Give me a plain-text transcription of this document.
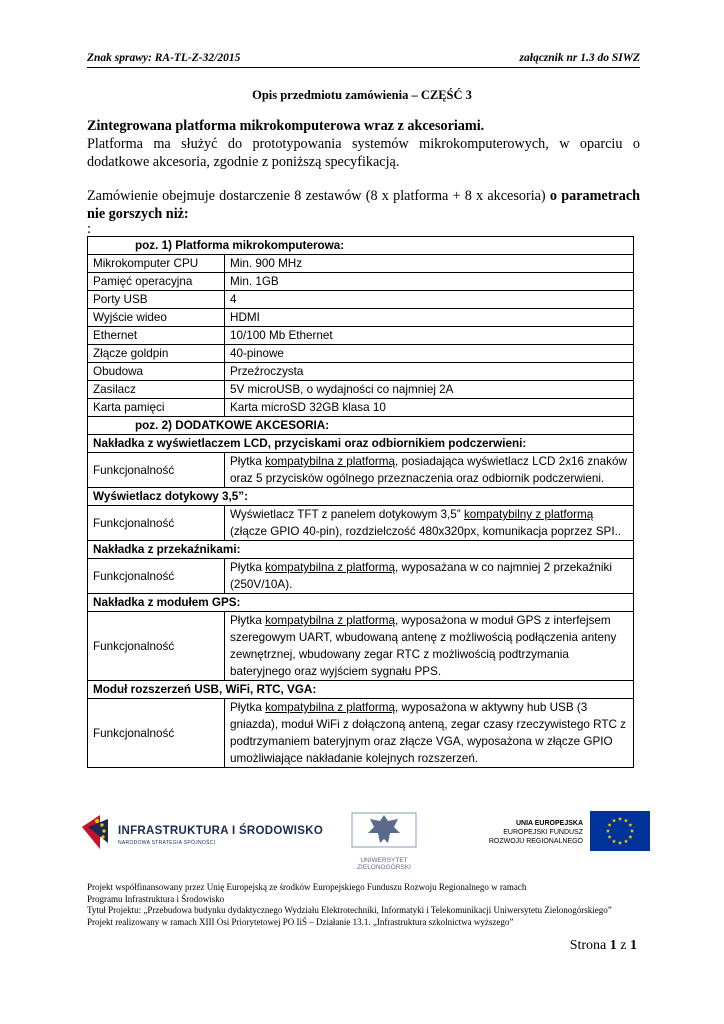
Znak sprawy: RA-TL-Z-32/2015	załącznik nr 1.3 do SIWZ
Opis przedmiotu zamówienia – CZĘŚĆ 3

Zintegrowana platforma mikrokomputerowa wraz z akcesoriami.

Platforma ma służyć do prototypowania systemów mikrokomputerowych, w oparciu o dodatkowe akcesoria, zgodnie z poniższą specyfikacją.

Zamówienie obejmuje dostarczenie 8 zestawów (8 x platforma + 8 x akcesoria) o parametrach nie gorszych niż:

:

poz. 1) Platforma mikrokomputerowa:	
Mikrokomputer CPU	Min. 900 MHz
Pamięć operacyjna	Min. 1GB
Porty USB	4
Wyjście wideo	HDMI
Ethernet	10/100 Mb Ethernet
Złącze goldpin	40-pinowe
Obudowa	Przeźroczysta
Zasilacz	5V microUSB, o wydajności co najmniej 2A
Karta pamięci	Karta microSD 32GB klasa 10
poz. 2) DODATKOWE AKCESORIA:	
Nakładka z wyświetlaczem LCD, przyciskami oraz odbiornikiem podczerwieni:	
Funkcjonalność	Płytka kompatybilna z platformą, posiadająca wyświetlacz LCD 2x16 znaków oraz 5 przycisków ogólnego przeznaczenia oraz odbiornik podczerwieni.
Wyświetlacz dotykowy 3,5”:	
Funkcjonalność	Wyświetlacz TFT z panelem dotykowym 3,5” kompatybilny z platformą (złącze GPIO 40-pin), rozdzielczość 480x320px, komunikacja poprzez SPI..
Nakładka z przekaźnikami:	
Funkcjonalność	Płytka kompatybilna z platformą, wyposażana w co najmniej 2 przekaźniki (250V/10A).
Nakładka z modułem GPS:	
Funkcjonalność	Płytka kompatybilna z platformą, wyposażona w moduł GPS z interfejsem szeregowym UART, wbudowaną antenę z możliwością podłączenia anteny zewnętrznej, wbudowany zegar RTC z możliwością podtrzymania bateryjnego oraz wyjściem sygnału PPS.
Moduł rozszerzeń USB, WiFi, RTC, VGA:	
Funkcjonalność	Płytka kompatybilna z platformą, wyposażona w aktywny hub USB (3 gniazda), moduł WiFi z dołączoną anteną, zegar czasy rzeczywistego RTC z podtrzymaniem bateryjnym oraz złącze VGA, wyposażona w złącze GPIO umożliwiające nakładanie kolejnych rozszerzeń.
INFRASTRUKTURA I ŚRODOWISKO
NARODOWA STRATEGIA SPÓJNOŚCI
UNIWERSYTET
ZIELONOGÓRSKI
UNIA EUROPEJSKA
EUROPEJSKI FUNDUSZ
ROZWOJU REGIONALNEGO

Projekt współfinansowany przez Unię Europejską ze środków Europejskiego Funduszu Rozwoju Regionalnego w ramach

Programu Infrastruktura i Środowisko

Tytuł Projektu: „Przebudowa budynku dydaktycznego Wydziału Elektrotechniki, Informatyki i Telekomunikacji Uniwersytetu Zielonogórskiego”

Projekt realizowany w ramach XIII Osi Priorytetowej PO IiŚ – Działanie 13.1. „Infrastruktura szkolnictwa wyższego”

Strona 1 z 1
